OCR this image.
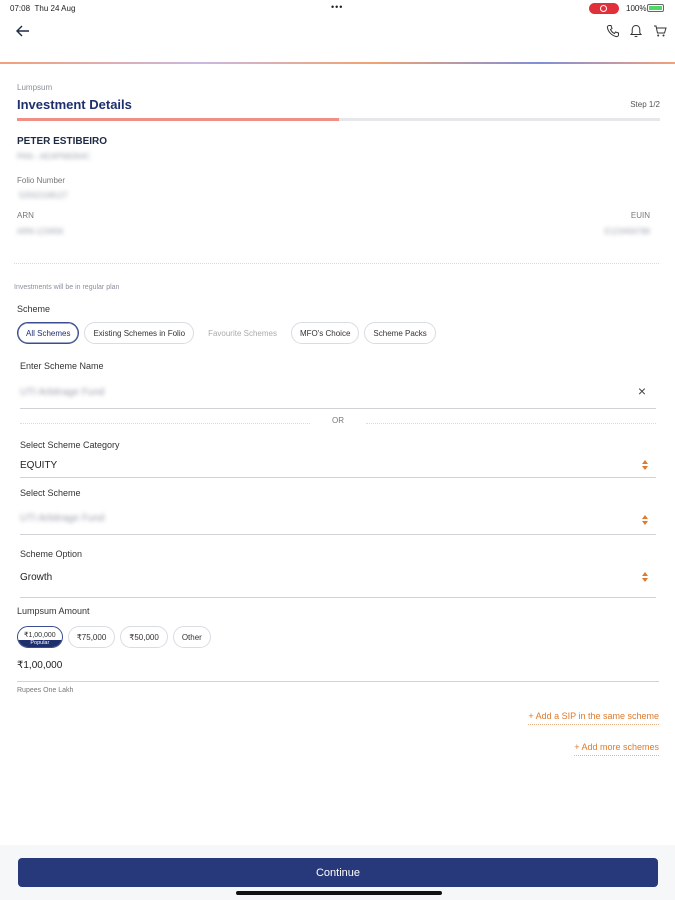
07:08 Thu 24 Aug	•••	100%
Lumpsum
Investment Details	Step 1/2
PETER ESTIBEIRO
PAN - AEAPN9264C
Folio Number
52552108127
ARN
ARN-123456
EUIN
E123456789
Investments will be in regular plan
Scheme
All Schemes	Existing Schemes in Folio	Favourite Schemes	MFO's Choice	Scheme Packs
Enter Scheme Name
UTI Arbitrage Fund	×
OR
Select Scheme Category
EQUITY
Select Scheme
UTI Arbitrage Fund
Scheme Option
Growth
Lumpsum Amount
₹1,00,000
Popular
₹75,000	₹50,000	Other
₹1,00,000
Rupees One Lakh
+ Add a SIP in the same scheme
+ Add more schemes
Continue
